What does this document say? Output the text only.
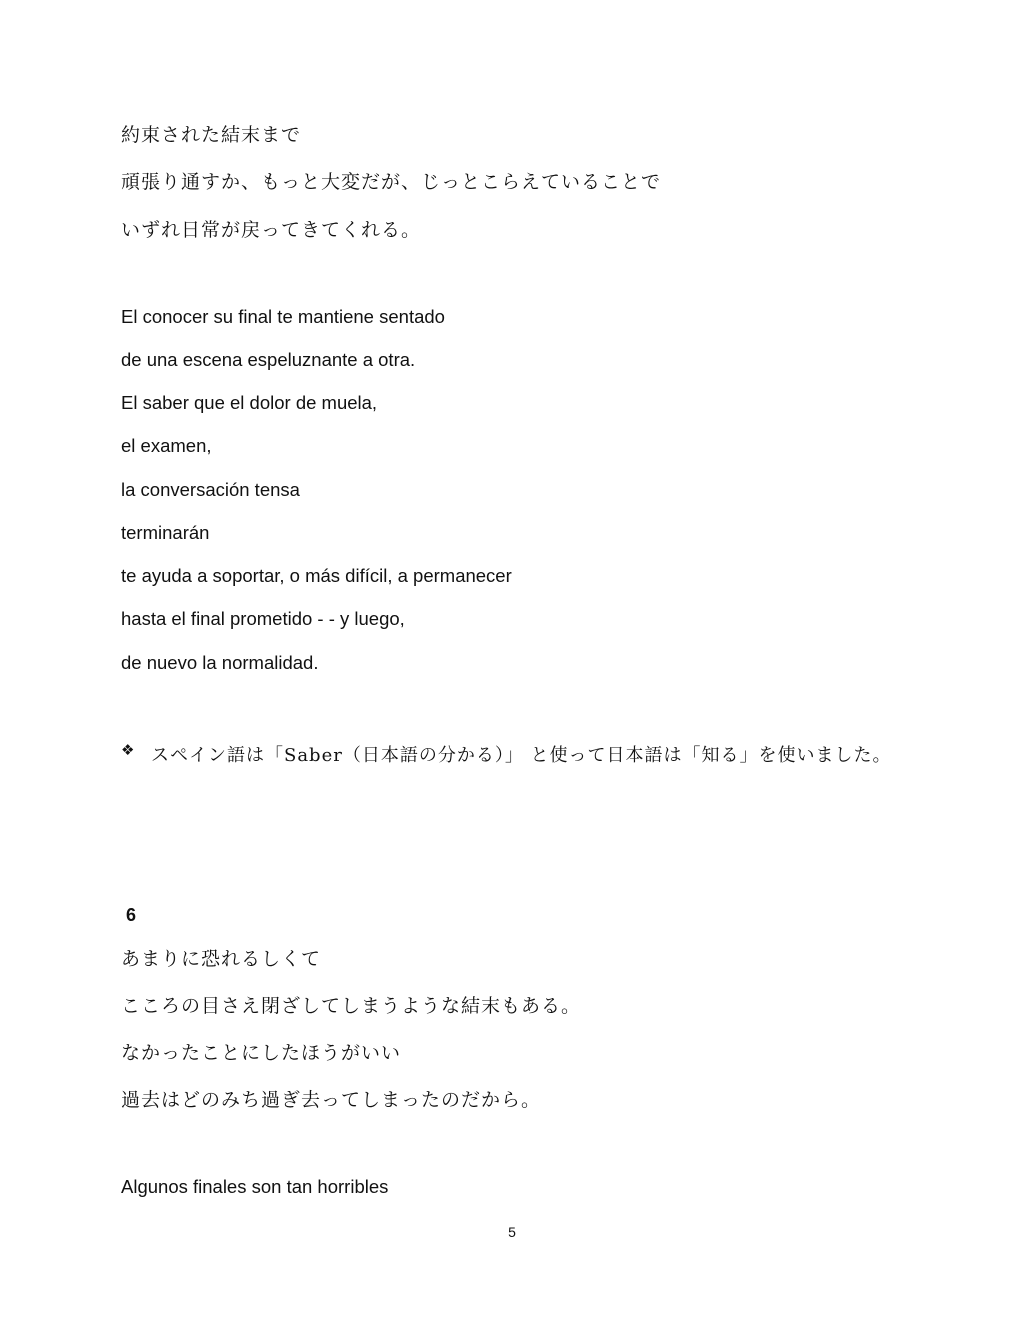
約束された結末まで
頑張り通すか、もっと大変だが、じっとこらえていることで
いずれ日常が戻ってきてくれる。
El conocer su final te mantiene sentado
de una escena espeluznante a otra.
El saber que el dolor de muela,
el examen,
la conversación tensa
terminarán
te ayuda a soportar, o más difícil, a permanecer
hasta el final prometido - - y luego,
de nuevo la normalidad.
❖ スペイン語は「Saber（日本語の分かる）」 と使って日本語は「知る」を使いました。
6
あまりに恐れるしくて
こころの目さえ閉ざしてしまうような結末もある。
なかったことにしたほうがいい
過去はどのみち過ぎ去ってしまったのだから。
Algunos finales son tan horribles
5
